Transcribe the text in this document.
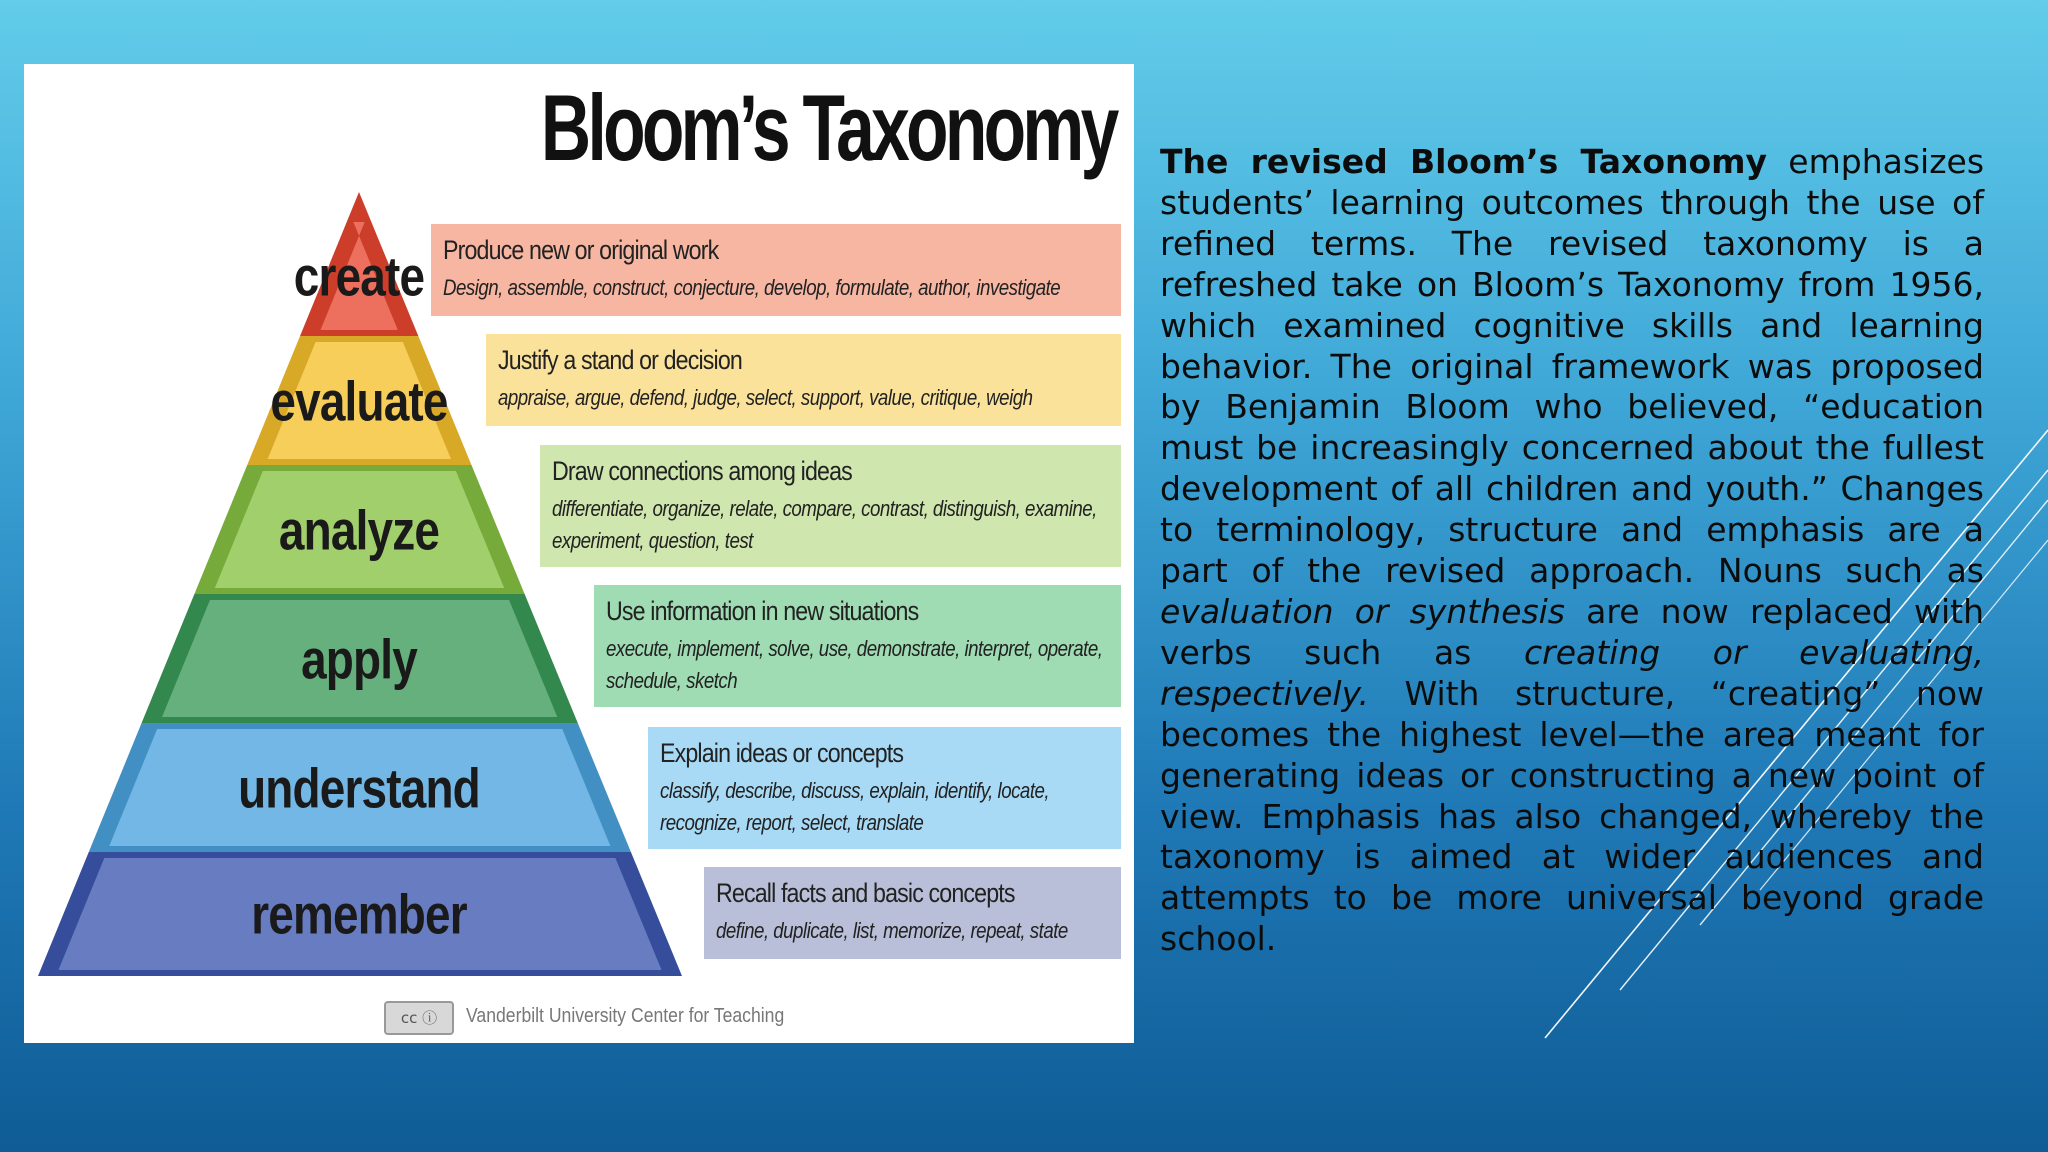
Bloom’s Taxonomy
create
evaluate
analyze
apply
understand
remember
Produce new or original work
Design, assemble, construct, conjecture, develop, formulate, author, investigate
Justify a stand or decision
appraise, argue, defend, judge, select, support, value, critique, weigh
Draw connections among ideas
differentiate, organize, relate, compare, contrast, distinguish, examine, experiment, question, test
Use information in new situations
execute, implement, solve, use, demonstrate, interpret, operate, schedule, sketch
Explain ideas or concepts
classify, describe, discuss, explain, identify, locate, recognize, report, select, translate
Recall facts and basic concepts
define, duplicate, list, memorize, repeat, state
cc ⓘ	Vanderbilt University Center for Teaching

The revised Bloom’s Taxonomy emphasizes students’ learning outcomes through the use of refined terms. The revised taxonomy is a refreshed take on Bloom’s Taxonomy from 1956, which examined cognitive skills and learning behavior. The original framework was proposed by Benjamin Bloom who believed, “education must be increasingly concerned about the fullest development of all children and youth.” Changes to terminology, structure and emphasis are a part of the revised approach. Nouns such as evaluation or synthesis are now replaced with verbs such as creating or evaluating, respectively. With structure, “creating” now becomes the highest level—the area meant for generating ideas or constructing a new point of view. Emphasis has also changed, whereby the taxonomy is aimed at wider audiences and attempts to be more universal beyond grade school.
